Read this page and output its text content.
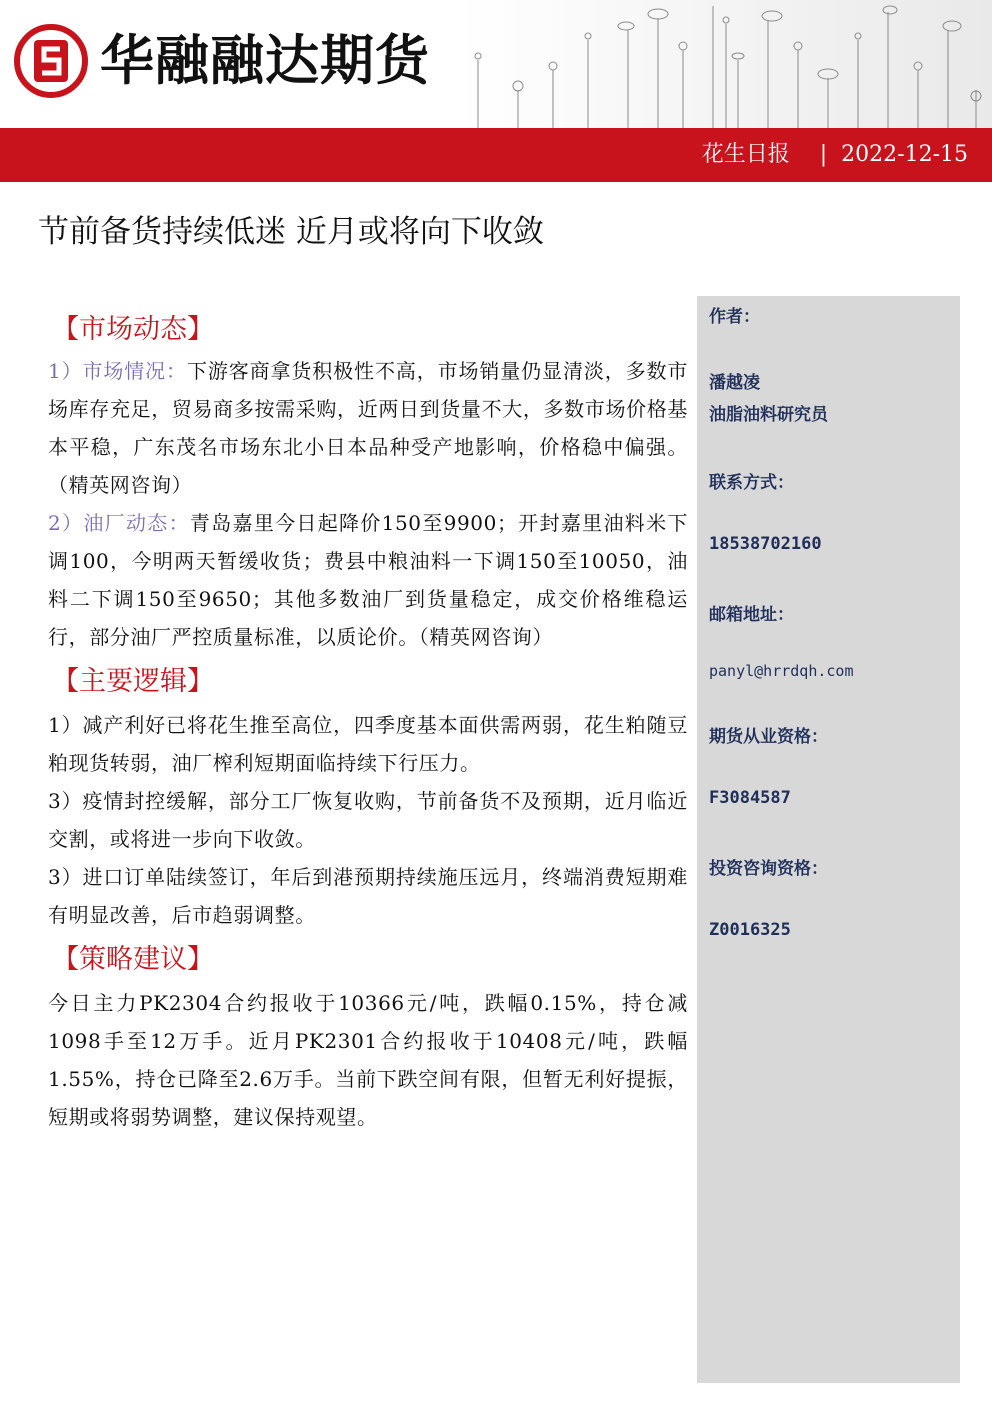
华融融达期货
花生日报 | 2022-12-15
节前备货持续低迷 近月或将向下收敛
【市场动态】

1）市场情况：下游客商拿货积极性不高，市场销量仍显清淡，多数市场库存充足，贸易商多按需采购，近两日到货量不大，多数市场价格基本平稳，广东茂名市场东北小日本品种受产地影响，价格稳中偏强。（精英网咨询）

2）油厂动态：青岛嘉里今日起降价150至9900；开封嘉里油料米下调100，今明两天暂缓收货；费县中粮油料一下调150至10050，油料二下调150至9650；其他多数油厂到货量稳定，成交价格维稳运行，部分油厂严控质量标准，以质论价。（精英网咨询）

【主要逻辑】

1）减产利好已将花生推至高位，四季度基本面供需两弱，花生粕随豆粕现货转弱，油厂榨利短期面临持续下行压力。

3）疫情封控缓解，部分工厂恢复收购，节前备货不及预期，近月临近交割，或将进一步向下收敛。

3）进口订单陆续签订，年后到港预期持续施压远月，终端消费短期难有明显改善，后市趋弱调整。

【策略建议】

今日主力PK2304合约报收于10366元/吨，跌幅0.15%，持仓减1098手至12万手。近月PK2301合约报收于10408元/吨，跌幅1.55%，持仓已降至2.6万手。当前下跌空间有限，但暂无利好提振，短期或将弱势调整，建议保持观望。

作者：
潘越凌
油脂油料研究员
联系方式：
18538702160
邮箱地址：
panyl@hrrdqh.com
期货从业资格：
F3084587
投资咨询资格：
Z0016325
